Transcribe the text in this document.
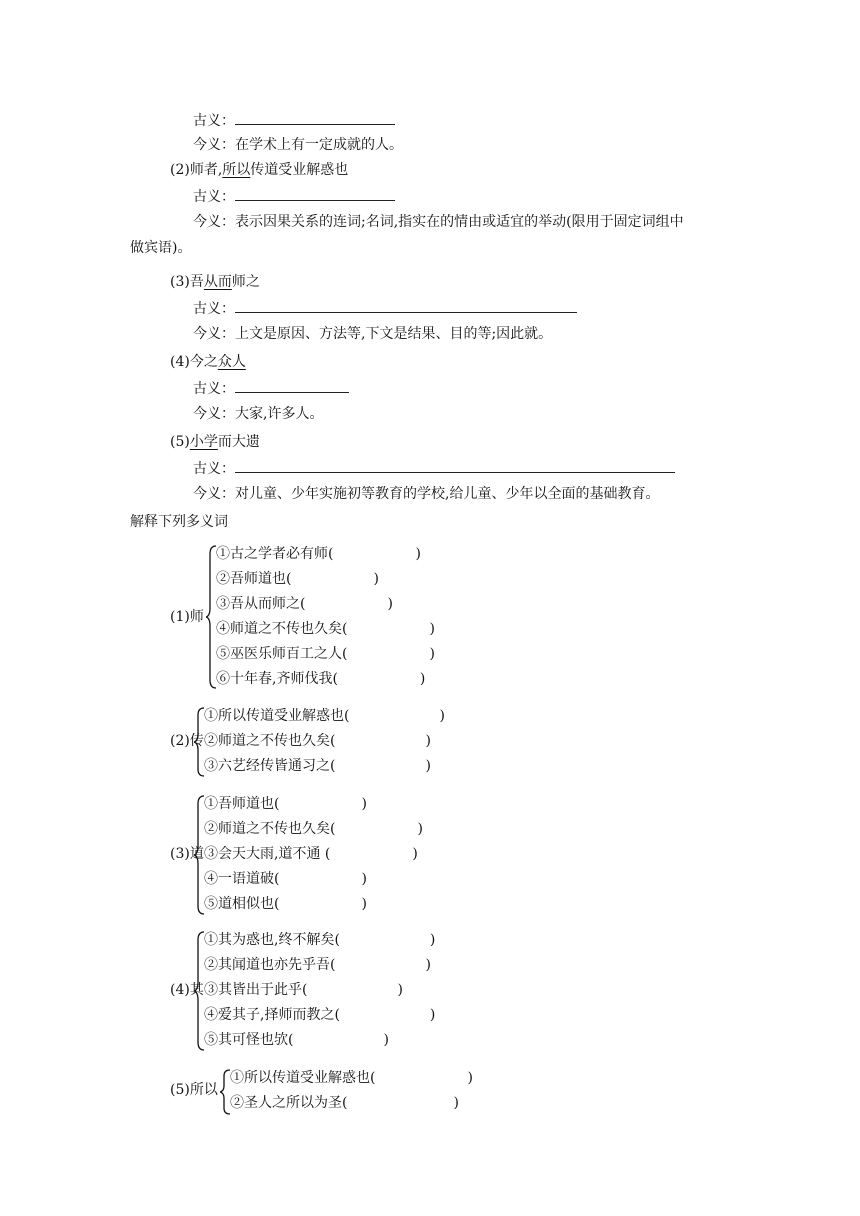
古义：
今义：在学术上有一定成就的人。
(2)师者,所以传道受业解惑也
古义：
今义：表示因果关系的连词;名词,指实在的情由或适宜的举动(限用于固定词组中
做宾语)。
(3)吾从而师之
古义：
今义：上文是原因、方法等,下文是结果、目的等;因此就。
(4)今之众人
古义：
今义：大家,许多人。
(5)小学而大遗
古义：
今义：对儿童、少年实施初等教育的学校,给儿童、少年以全面的基础教育。
解释下列多义词
(1)师
①古之学者必有师(	)
②吾师道也(	)
③吾从而师之(	)
④师道之不传也久矣(	)
⑤巫医乐师百工之人(	)
⑥十年春,齐师伐我(	)
(2)传
①所以传道受业解惑也(	)
②师道之不传也久矣(	)
③六艺经传皆通习之(	)
(3)道
①吾师道也(	)
②师道之不传也久矣(	)
③会天大雨,道不通 (	)
④一语道破(	)
⑤道相似也(	)
(4)其
①其为惑也,终不解矣(	)
②其闻道也亦先乎吾(	)
③其皆出于此乎(	)
④爱其子,择师而教之(	)
⑤其可怪也欤(	)
(5)所以
①所以传道受业解惑也(	)
②圣人之所以为圣(	)
